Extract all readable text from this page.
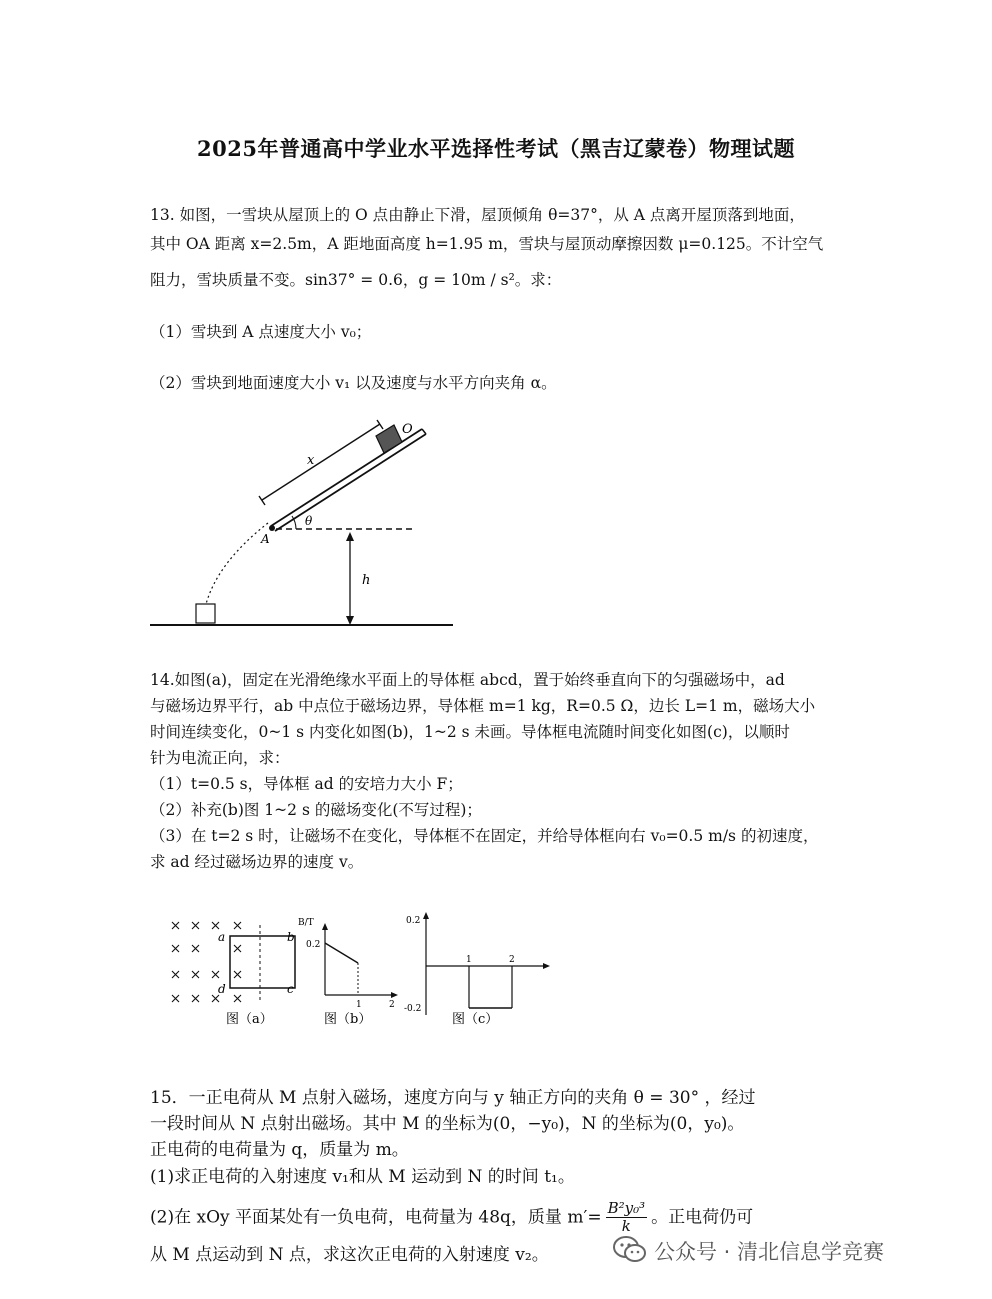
2025年普通高中学业水平选择性考试（黑吉辽蒙卷）物理试题
13. 如图，一雪块从屋顶上的 O 点由静止下滑，屋顶倾角 θ=37°，从 A 点离开屋顶落到地面，
其中 OA 距离 x=2.5m，A 距地面高度 h=1.95 m，雪块与屋顶动摩擦因数 μ=0.125。不计空气
阻力，雪块质量不变。sin37° = 0.6，g = 10m / s²。求：
（1）雪块到 A 点速度大小 v₀；
（2）雪块到地面速度大小 v₁ 以及速度与水平方向夹角 α。
O
x
A
θ
h
14.如图(a)，固定在光滑绝缘水平面上的导体框 abcd，置于始终垂直向下的匀强磁场中，ad
与磁场边界平行，ab 中点位于磁场边界，导体框 m=1 kg，R=0.5 Ω，边长 L=1 m，磁场大小
时间连续变化，0~1 s 内变化如图(b)，1~2 s 未画。导体框电流随时间变化如图(c)，以顺时
针为电流正向，求：
（1）t=0.5 s，导体框 ad 的安培力大小 F；
（2）补充(b)图 1~2 s 的磁场变化(不写过程)；
（3）在 t=2 s 时，让磁场不在变化，导体框不在固定，并给导体框向右 v₀=0.5 m/s 的初速度，
求 ad 经过磁场边界的速度 v。
a	b
c
d
图（a）
B/T
0.2
1	2
图（b）
0.2
-0.2
1	2
图（c）
15．一正电荷从 M 点射入磁场，速度方向与 y 轴正方向的夹角 θ = 30° ，经过
一段时间从 N 点射出磁场。其中 M 的坐标为(0，−y₀)，N 的坐标为(0，y₀)。
正电荷的电荷量为 q，质量为 m。
(1)求正电荷的入射速度 v₁和从 M 运动到 N 的时间 t₁。
(2)在 xOy 平面某处有一负电荷，电荷量为 48q，质量 $m'= \frac{\text{B²y₀³}}{k}$ 。正电荷仍可
从 M 点运动到 N 点，求这次正电荷的入射速度 v₂。	公众号 · 清北信息学竞赛
